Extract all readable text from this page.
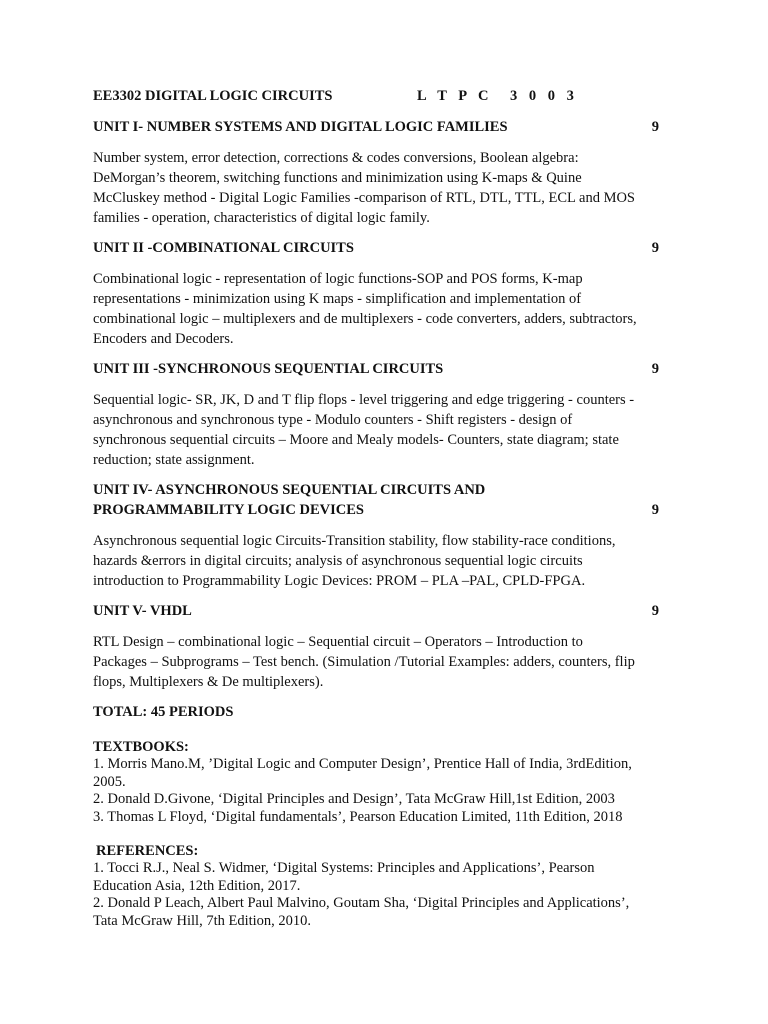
EE3302 DIGITAL LOGIC CIRCUITS	L T P C 3 0 0 3
UNIT I- NUMBER SYSTEMS AND DIGITAL LOGIC FAMILIES	9
Number system, error detection, corrections & codes conversions, Boolean algebra:
DeMorgan’s theorem, switching functions and minimization using K-maps & Quine
McCluskey method - Digital Logic Families -comparison of RTL, DTL, TTL, ECL and MOS
families - operation, characteristics of digital logic family.
UNIT II -COMBINATIONAL CIRCUITS	9
Combinational logic - representation of logic functions-SOP and POS forms, K-map
representations - minimization using K maps - simplification and implementation of
combinational logic – multiplexers and de multiplexers - code converters, adders, subtractors,
Encoders and Decoders.
UNIT III -SYNCHRONOUS SEQUENTIAL CIRCUITS	9
Sequential logic- SR, JK, D and T flip flops - level triggering and edge triggering - counters -
asynchronous and synchronous type - Modulo counters - Shift registers - design of
synchronous sequential circuits – Moore and Mealy models- Counters, state diagram; state
reduction; state assignment.
UNIT IV- ASYNCHRONOUS SEQUENTIAL CIRCUITS AND
PROGRAMMABILITY LOGIC DEVICES	9
Asynchronous sequential logic Circuits-Transition stability, flow stability-race conditions,
hazards &errors in digital circuits; analysis of asynchronous sequential logic circuits
introduction to Programmability Logic Devices: PROM – PLA –PAL, CPLD-FPGA.
UNIT V- VHDL	9
RTL Design – combinational logic – Sequential circuit – Operators – Introduction to
Packages – Subprograms – Test bench. (Simulation /Tutorial Examples: adders, counters, flip
flops, Multiplexers & De multiplexers).
TOTAL: 45 PERIODS
TEXTBOOKS:
1. Morris Mano.M, ’Digital Logic and Computer Design’, Prentice Hall of India, 3rdEdition,
2005.
2. Donald D.Givone, ‘Digital Principles and Design’, Tata McGraw Hill,1st Edition, 2003
3. Thomas L Floyd, ‘Digital fundamentals’, Pearson Education Limited, 11th Edition, 2018
REFERENCES:
1. Tocci R.J., Neal S. Widmer, ‘Digital Systems: Principles and Applications’, Pearson
Education Asia, 12th Edition, 2017.
2. Donald P Leach, Albert Paul Malvino, Goutam Sha, ‘Digital Principles and Applications’,
Tata McGraw Hill, 7th Edition, 2010.
